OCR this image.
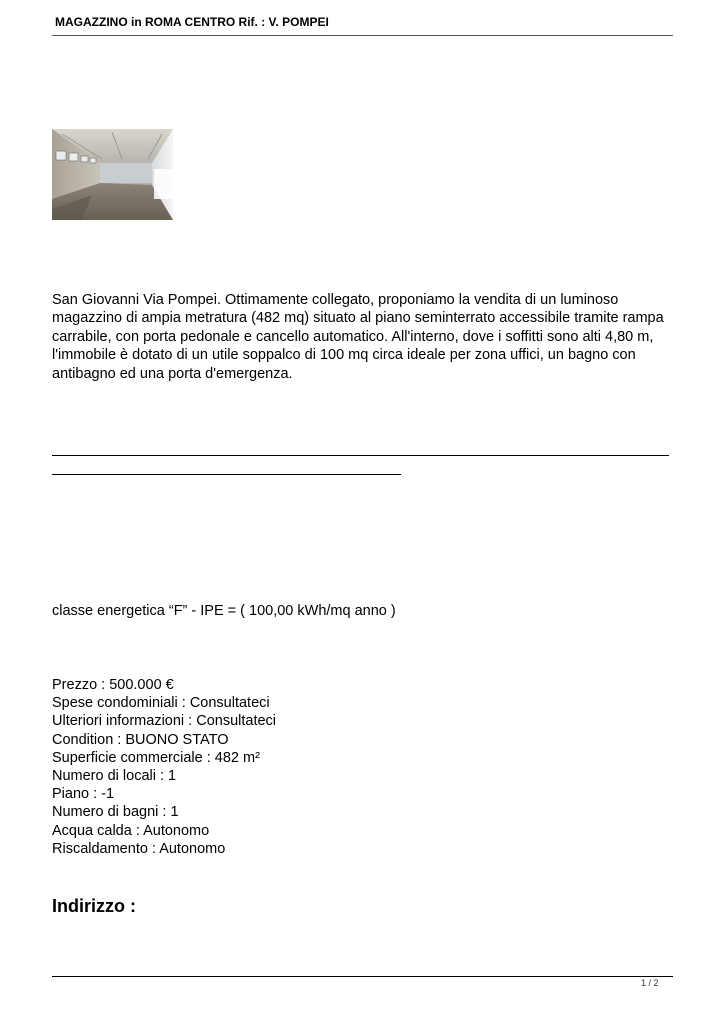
MAGAZZINO in ROMA CENTRO Rif. : V. POMPEI
San Giovanni Via Pompei. Ottimamente collegato, proponiamo la vendita di un luminoso magazzino di ampia metratura (482 mq) situato al piano seminterrato accessibile tramite rampa carrabile, con porta pedonale e cancello automatico. All'interno, dove i soffitti sono alti 4,80 m, l'immobile è dotato di un utile soppalco di 100 mq circa ideale per zona uffici, un bagno con antibagno ed una porta d'emergenza.
classe energetica “F” - IPE = ( 100,00 kWh/mq anno )
Prezzo : 500.000 €
Spese condominiali : Consultateci
Ulteriori informazioni : Consultateci
Condition : BUONO STATO
Superficie commerciale : 482 m²
Numero di locali : 1
Piano : -1
Numero di bagni : 1
Acqua calda : Autonomo
Riscaldamento : Autonomo
Indirizzo :
1 / 2
